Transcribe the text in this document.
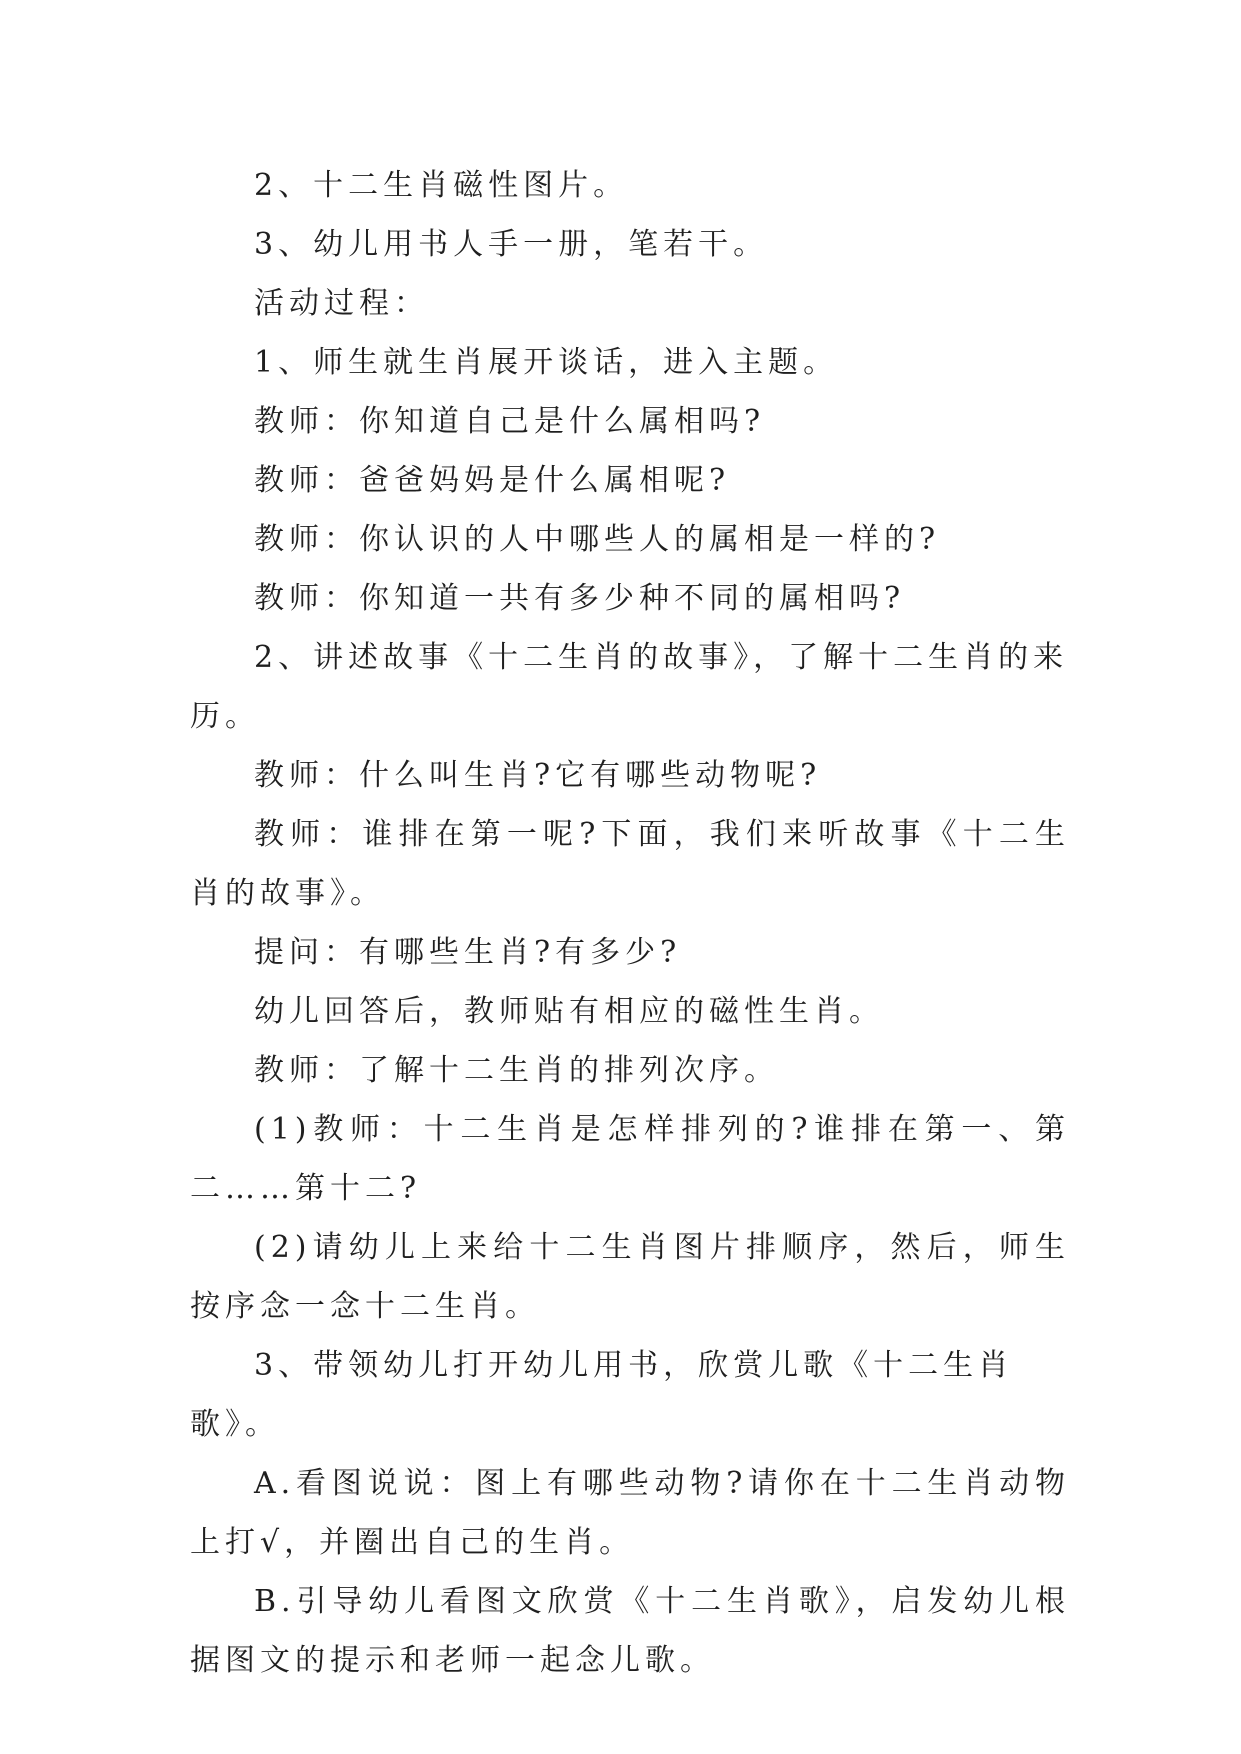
2、十二生肖磁性图片。

3、幼儿用书人手一册，笔若干。

活动过程：

1、师生就生肖展开谈话，进入主题。

教师：你知道自己是什么属相吗?

教师：爸爸妈妈是什么属相呢?

教师：你认识的人中哪些人的属相是一样的?

教师：你知道一共有多少种不同的属相吗?

2、讲述故事《十二生肖的故事》，了解十二生肖的来历。

教师：什么叫生肖?它有哪些动物呢?

教师：谁排在第一呢?下面，我们来听故事《十二生肖的故事》。

提问：有哪些生肖?有多少?

幼儿回答后，教师贴有相应的磁性生肖。

教师：了解十二生肖的排列次序。

(1)教师：十二生肖是怎样排列的?谁排在第一、第二……第十二?

(2)请幼儿上来给十二生肖图片排顺序，然后，师生按序念一念十二生肖。

3、带领幼儿打开幼儿用书，欣赏儿歌《十二生肖歌》。

A.看图说说：图上有哪些动物?请你在十二生肖动物上打√，并圈出自己的生肖。

B.引导幼儿看图文欣赏《十二生肖歌》，启发幼儿根据图文的提示和老师一起念儿歌。
